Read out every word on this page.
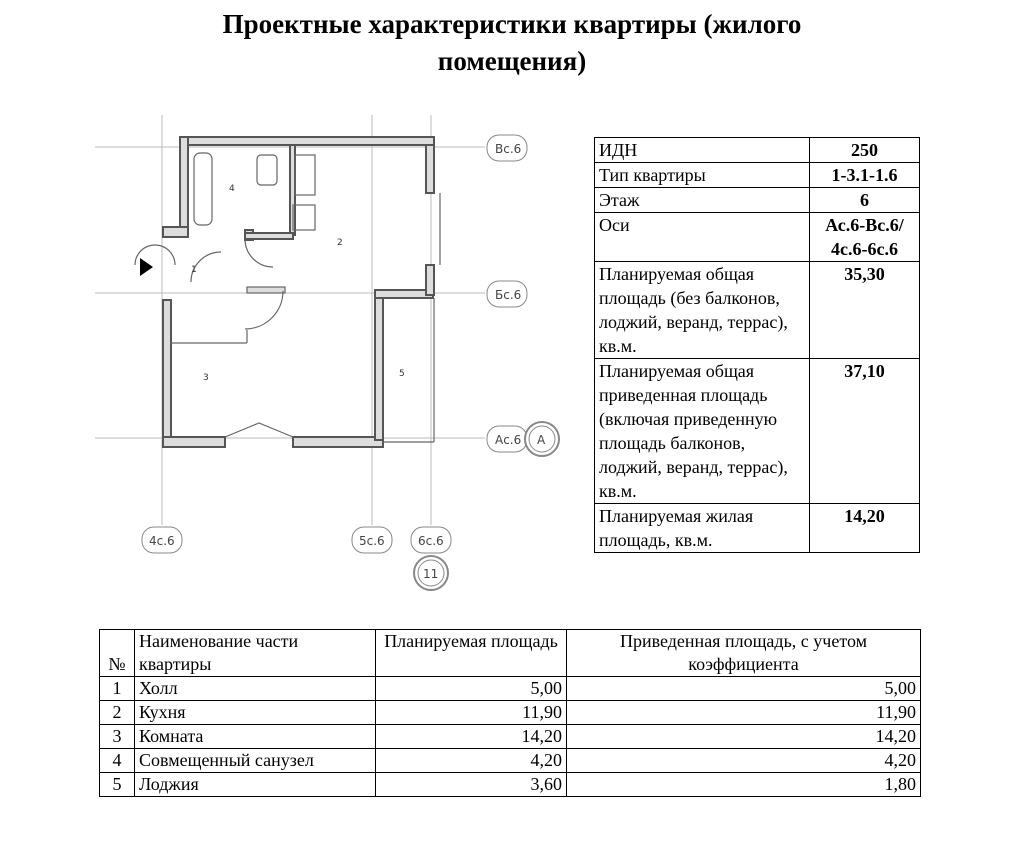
Проектные характеристики квартиры (жилого
помещения)
1
2
3
4
5
Вс.6
Бс.6
Ас.6 А
4с.6	5с.6	6с.6
11
ИДН	250
Тип квартиры	1-3.1-1.6
Этаж	6
Оси	Ас.6-Вс.6/ 4с.6-6с.6
Планируемая общая площадь (без балконов, лоджий, веранд, террас), кв.м.	35,30
Планируемая общая приведенная площадь (включая приведенную площадь балконов, лоджий, веранд, террас), кв.м.	37,10
Планируемая жилая площадь, кв.м.	14,20
№	Наименование части квартиры	Планируемая площадь	Приведенная площадь, с учетом коэффициента
1	Холл	5,00	5,00
2	Кухня	11,90	11,90
3	Комната	14,20	14,20
4	Совмещенный санузел	4,20	4,20
5	Лоджия	3,60	1,80
